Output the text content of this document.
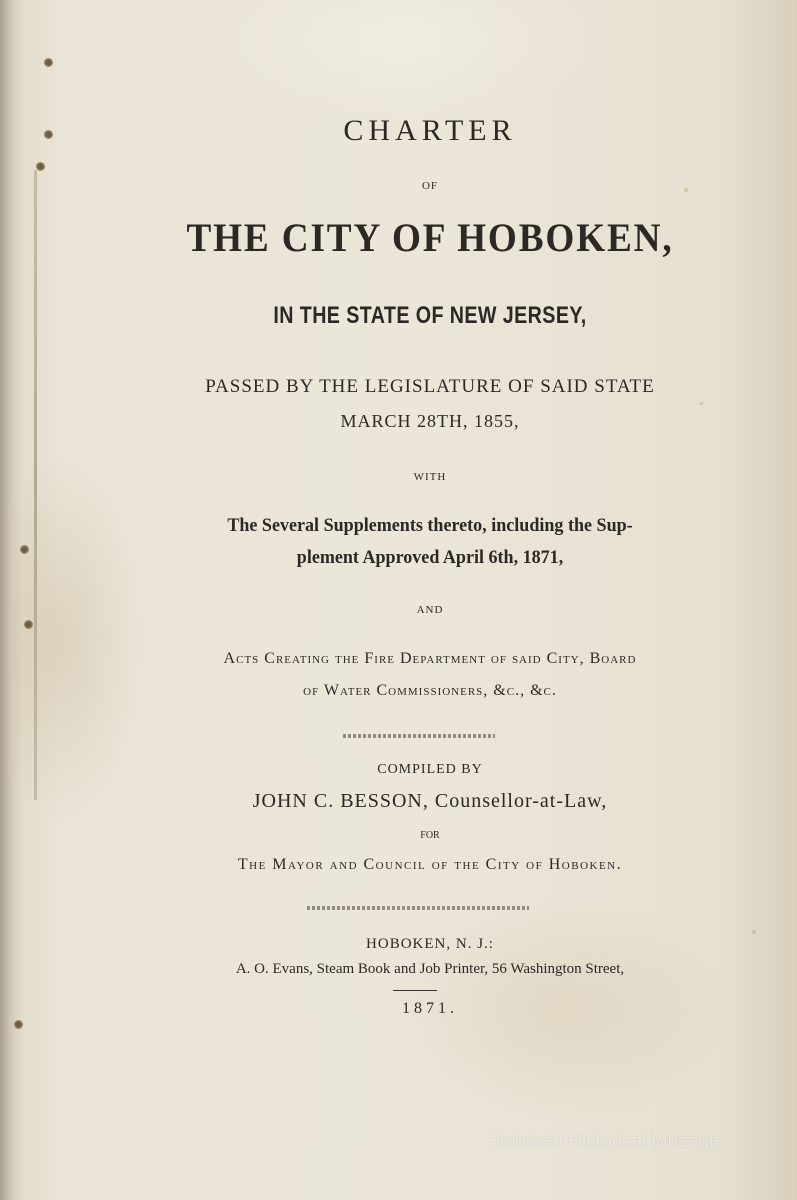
CHARTER
OF
THE CITY OF HOBOKEN,
IN THE STATE OF NEW JERSEY,
PASSED BY THE LEGISLATURE OF SAID STATE
MARCH 28TH, 1855,
WITH
The Several Supplements thereto, including the Sup-
plement Approved April 6th, 1871,
AND
Acts Creating the Fire Department of said City, Board
of Water Commissioners, &c., &c.
COMPILED BY
JOHN C. BESSON, Counsellor-at-Law,
FOR
The Mayor and Council of the City of Hoboken.
HOBOKEN, N. J.:
A. O. Evans, Steam Book and Job Printer, 56 Washington Street,
1871.
Hoboken Historical Museum
